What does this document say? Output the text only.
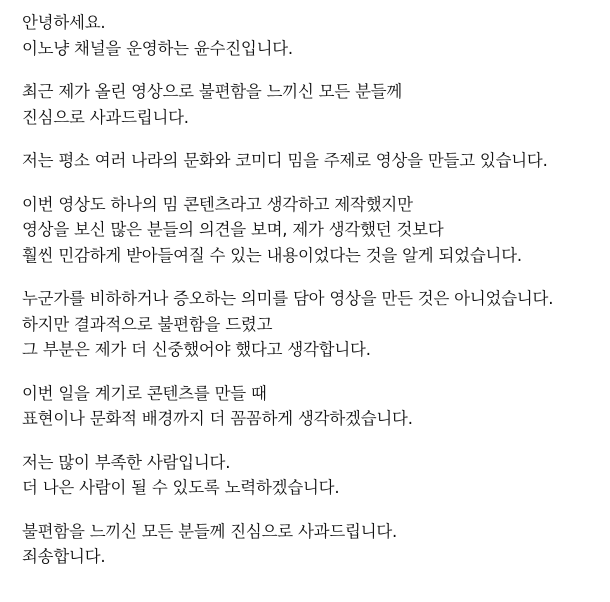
안녕하세요.
이노냥 채널을 운영하는 윤수진입니다.
최근 제가 올린 영상으로 불편함을 느끼신 모든 분들께
진심으로 사과드립니다.
저는 평소 여러 나라의 문화와 코미디 밈을 주제로 영상을 만들고 있습니다.
이번 영상도 하나의 밈 콘텐츠라고 생각하고 제작했지만
영상을 보신 많은 분들의 의견을 보며, 제가 생각했던 것보다
훨씬 민감하게 받아들여질 수 있는 내용이었다는 것을 알게 되었습니다.
누군가를 비하하거나 증오하는 의미를 담아 영상을 만든 것은 아니었습니다.
하지만 결과적으로 불편함을 드렸고
그 부분은 제가 더 신중했어야 했다고 생각합니다.
이번 일을 계기로 콘텐츠를 만들 때
표현이나 문화적 배경까지 더 꼼꼼하게 생각하겠습니다.
저는 많이 부족한 사람입니다.
더 나은 사람이 될 수 있도록 노력하겠습니다.
불편함을 느끼신 모든 분들께 진심으로 사과드립니다.
죄송합니다.
